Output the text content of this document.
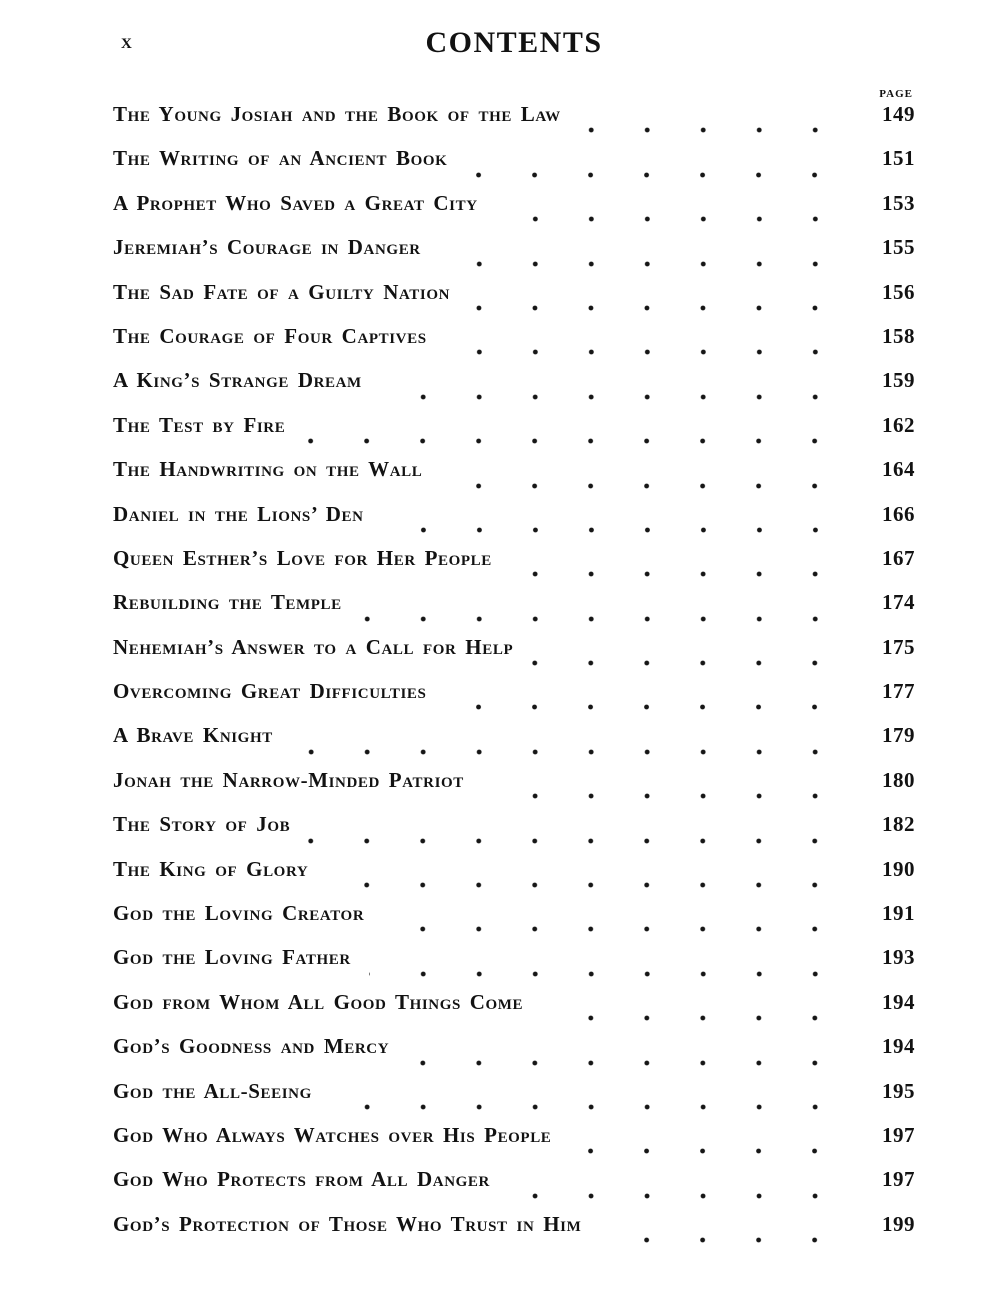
x	CONTENTS
PAGE
The Young Josiah and the Book of the Law	149
The Writing of an Ancient Book	151
A Prophet Who Saved a Great City	153
Jeremiah’s Courage in Danger	155
The Sad Fate of a Guilty Nation	156
The Courage of Four Captives	158
A King’s Strange Dream	159
The Test by Fire	162
The Handwriting on the Wall	164
Daniel in the Lions’ Den	166
Queen Esther’s Love for Her People	167
Rebuilding the Temple	174
Nehemiah’s Answer to a Call for Help	175
Overcoming Great Difficulties	177
A Brave Knight	179
Jonah the Narrow-Minded Patriot	180
The Story of Job	182
The King of Glory	190
God the Loving Creator	191
God the Loving Father	193
God from Whom All Good Things Come	194
God’s Goodness and Mercy	194
God the All-Seeing	195
God Who Always Watches over His People	197
God Who Protects from All Danger	197
God’s Protection of Those Who Trust in Him	199
